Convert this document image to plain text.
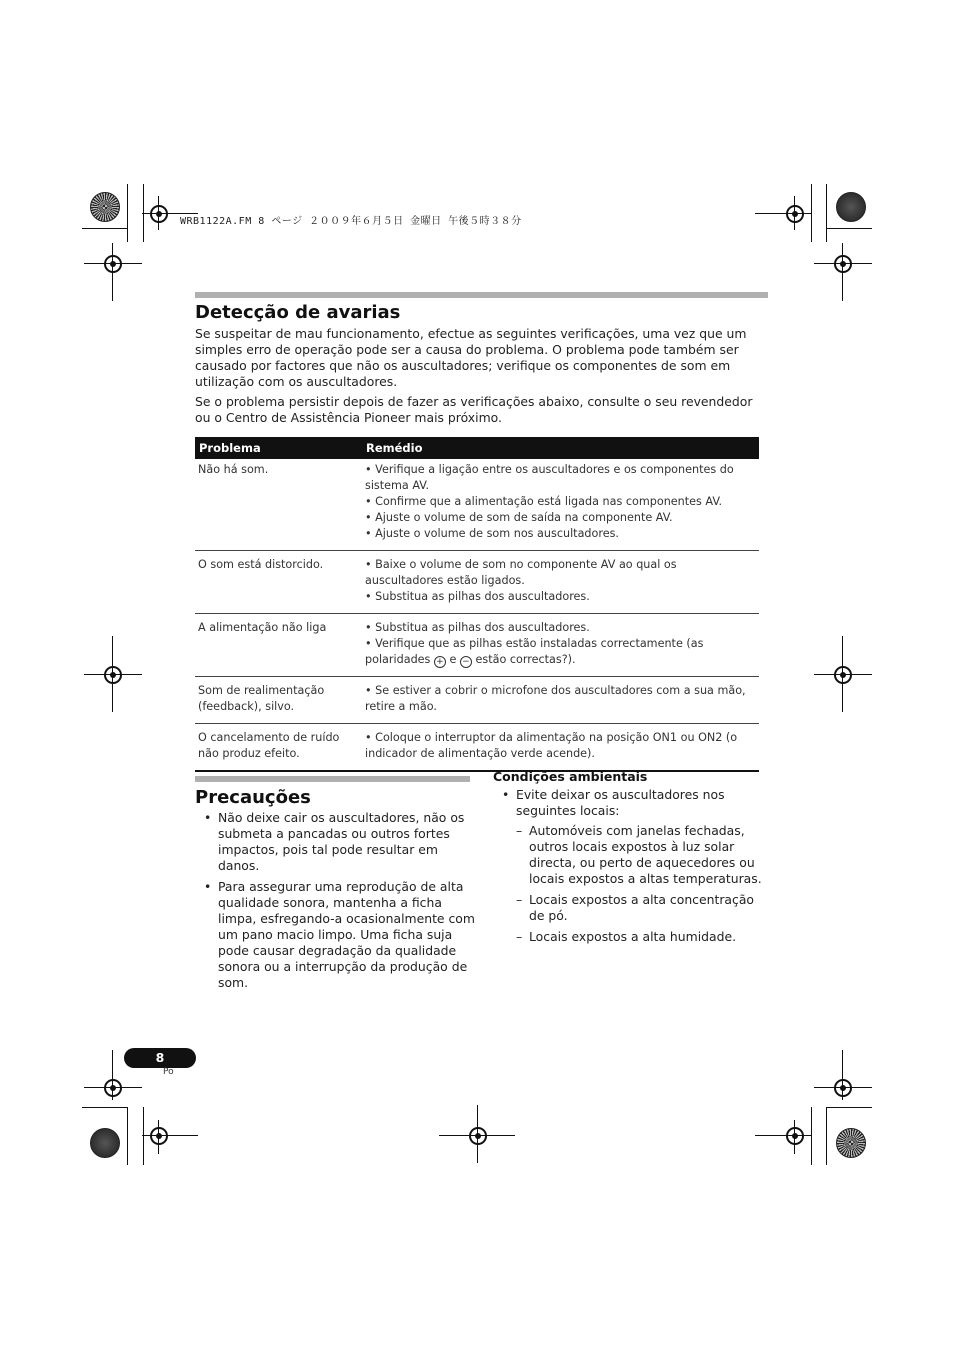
WRB1122A.FM 8 ページ ２００９年６月５日 金曜日 午後５時３８分
Detecção de avarias
Se suspeitar de mau funcionamento, efectue as seguintes verificações, uma vez que um simples erro de operação pode ser a causa do problema. O problema pode também ser causado por factores que não os auscultadores; verifique os componentes de som em utilização com os auscultadores.
Se o problema persistir depois de fazer as verificações abaixo, consulte o seu revendedor ou o Centro de Assistência Pioneer mais próximo.
Problema	Remédio
Não há som.	• Verifique a ligação entre os auscultadores e os componentes do sistema AV.
• Confirme que a alimentação está ligada nas componentes AV.
• Ajuste o volume de som de saída na componente AV.
• Ajuste o volume de som nos auscultadores.

O som está distorcido.	• Baixe o volume de som no componente AV ao qual os auscultadores estão ligados.
• Substitua as pilhas dos auscultadores.

A alimentação não liga	• Substitua as pilhas dos auscultadores.
• Verifique que as pilhas estão instaladas correctamente (as polaridades + e − estão correctas?).

Som de realimentação (feedback), silvo.	• Se estiver a cobrir o microfone dos auscultadores com a sua mão, retire a mão.

O cancelamento de ruído não produz efeito.	• Coloque o interruptor da alimentação na posição ON1 ou ON2 (o indicador de alimentação verde acende).
Precauções
• Não deixe cair os auscultadores, não os submeta a pancadas ou outros fortes impactos, pois tal pode resultar em danos.
• Para assegurar uma reprodução de alta qualidade sonora, mantenha a ficha limpa, esfregando-a ocasionalmente com um pano macio limpo. Uma ficha suja pode causar degradação da qualidade sonora ou a interrupção da produção de som.
Condições ambientais
• Evite deixar os auscultadores nos seguintes locais:
– Automóveis com janelas fechadas, outros locais expostos à luz solar directa, ou perto de aquecedores ou locais expostos a altas temperaturas.
– Locais expostos a alta concentração de pó.
– Locais expostos a alta humidade.
8
Po
